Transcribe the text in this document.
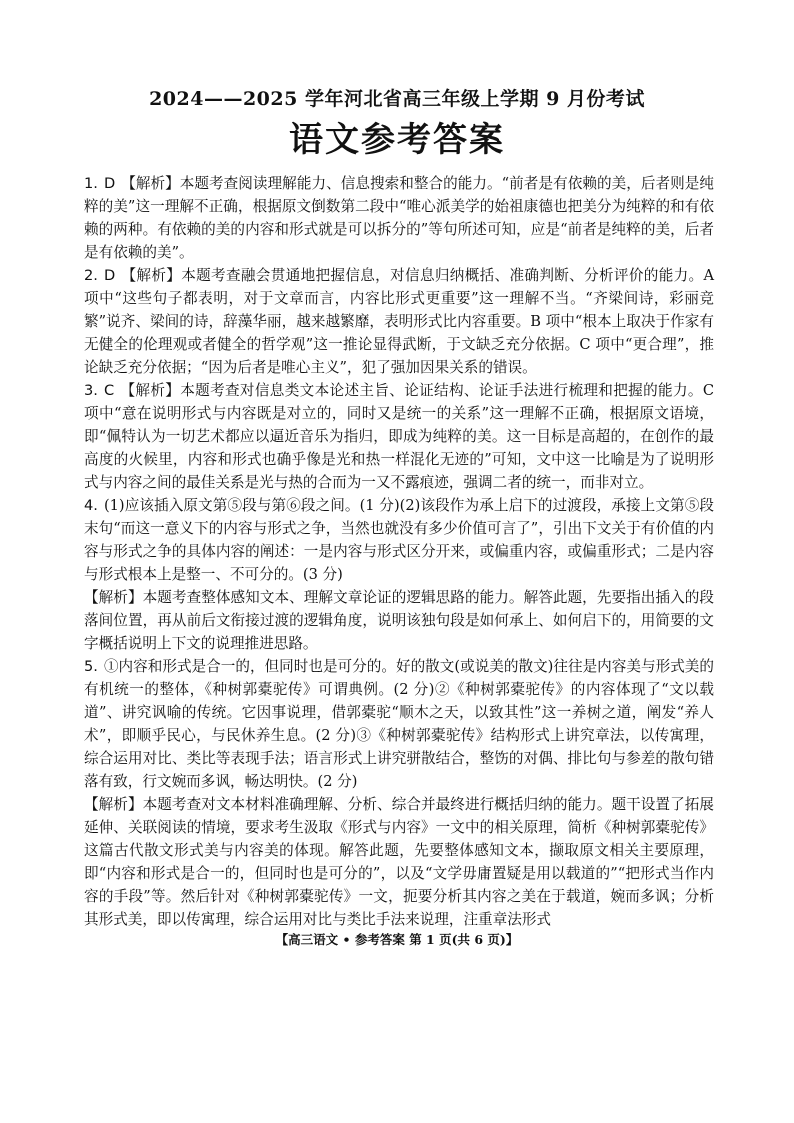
2024——2025 学年河北省高三年级上学期 9 月份考试
语文参考答案

1. D 【解析】本题考查阅读理解能力、信息搜索和整合的能力。“前者是有依赖的美，后者则是纯粹的美”这一理解不正确，根据原文倒数第二段中“唯心派美学的始祖康德也把美分为纯粹的和有依赖的两种。有依赖的美的内容和形式就是可以拆分的”等句所述可知，应是“前者是纯粹的美，后者是有依赖的美”。

2. D 【解析】本题考查融会贯通地把握信息，对信息归纳概括、准确判断、分析评价的能力。A 项中“这些句子都表明，对于文章而言，内容比形式更重要”这一理解不当。“齐梁间诗，彩丽竞繁”说齐、梁间的诗，辞藻华丽，越来越繁靡，表明形式比内容重要。B 项中“根本上取决于作家有无健全的伦理观或者健全的哲学观”这一推论显得武断，于文缺乏充分依据。C 项中“更合理”，推论缺乏充分依据；“因为后者是唯心主义”，犯了强加因果关系的错误。

3. C 【解析】本题考查对信息类文本论述主旨、论证结构、论证手法进行梳理和把握的能力。C 项中“意在说明形式与内容既是对立的，同时又是统一的关系”这一理解不正确，根据原文语境，即“佩特认为一切艺术都应以逼近音乐为指归，即成为纯粹的美。这一目标是高超的，在创作的最高度的火候里，内容和形式也确乎像是光和热一样混化无迹的”可知，文中这一比喻是为了说明形式与内容之间的最佳关系是光与热的合而为一又不露痕迹，强调二者的统一，而非对立。

4. (1)应该插入原文第⑤段与第⑥段之间。(1 分)(2)该段作为承上启下的过渡段，承接上文第⑤段末句“而这一意义下的内容与形式之争，当然也就没有多少价值可言了”，引出下文关于有价值的内容与形式之争的具体内容的阐述：一是内容与形式区分开来，或偏重内容，或偏重形式；二是内容与形式根本上是整一、不可分的。(3 分)

【解析】本题考查整体感知文本、理解文章论证的逻辑思路的能力。解答此题，先要指出插入的段落间位置，再从前后文衔接过渡的逻辑角度，说明该独句段是如何承上、如何启下的，用简要的文字概括说明上下文的说理推进思路。

5. ①内容和形式是合一的，但同时也是可分的。好的散文(或说美的散文)往往是内容美与形式美的有机统一的整体，《种树郭橐驼传》可谓典例。(2 分)②《种树郭橐驼传》的内容体现了“文以载道”、讲究讽喻的传统。它因事说理，借郭橐驼“顺木之天，以致其性”这一养树之道，阐发“养人术”，即顺乎民心，与民休养生息。(2 分)③《种树郭橐驼传》结构形式上讲究章法，以传寓理，综合运用对比、类比等表现手法；语言形式上讲究骈散结合，整饬的对偶、排比句与参差的散句错落有致，行文婉而多讽，畅达明快。(2 分)

【解析】本题考查对文本材料准确理解、分析、综合并最终进行概括归纳的能力。题干设置了拓展延伸、关联阅读的情境，要求考生汲取《形式与内容》一文中的相关原理，简析《种树郭橐驼传》这篇古代散文形式美与内容美的体现。解答此题，先要整体感知文本，撷取原文相关主要原理，即“内容和形式是合一的，但同时也是可分的”，以及“文学毋庸置疑是用以载道的”“把形式当作内容的手段”等。然后针对《种树郭橐驼传》一文，扼要分析其内容之美在于载道，婉而多讽；分析其形式美，即以传寓理，综合运用对比与类比手法来说理，注重章法形式

【高三语文 • 参考答案 第 1 页(共 6 页)】
